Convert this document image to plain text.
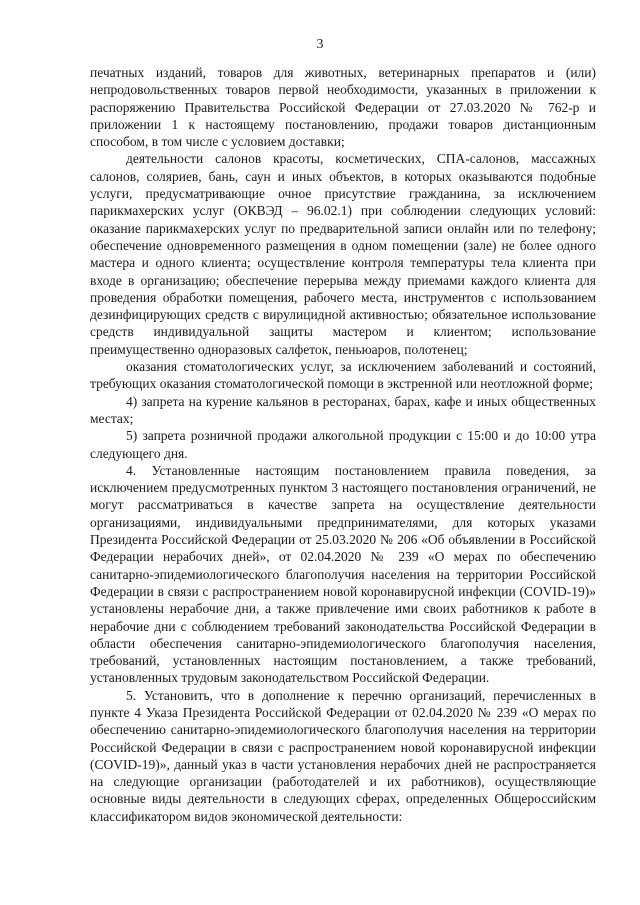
3

печатных изданий, товаров для животных, ветеринарных препаратов и (или) непродовольственных товаров первой необходимости, указанных в приложении к распоряжению Правительства Российской Федерации от 27.03.2020 № 762-р и приложении 1 к настоящему постановлению, продажи товаров дистанционным способом, в том числе с условием доставки;

деятельности салонов красоты, косметических, СПА-салонов, массажных салонов, соляриев, бань, саун и иных объектов, в которых оказываются подобные услуги, предусматривающие очное присутствие гражданина, за исключением парикмахерских услуг (ОКВЭД – 96.02.1) при соблюдении следующих условий: оказание парикмахерских услуг по предварительной записи онлайн или по телефону; обеспечение одновременного размещения в одном помещении (зале) не более одного мастера и одного клиента; осуществление контроля температуры тела клиента при входе в организацию; обеспечение перерыва между приемами каждого клиента для проведения обработки помещения, рабочего места, инструментов с использованием дезинфицирующих средств с вирулицидной активностью; обязательное использование средств индивидуальной защиты мастером и клиентом; использование преимущественно одноразовых салфеток, пеньюаров, полотенец;

оказания стоматологических услуг, за исключением заболеваний и состояний, требующих оказания стоматологической помощи в экстренной или неотложной форме;

4) запрета на курение кальянов в ресторанах, барах, кафе и иных общественных местах;

5) запрета розничной продажи алкогольной продукции с 15:00 и до 10:00 утра следующего дня.

4. Установленные настоящим постановлением правила поведения, за исключением предусмотренных пунктом 3 настоящего постановления ограничений, не могут рассматриваться в качестве запрета на осуществление деятельности организациями, индивидуальными предпринимателями, для которых указами Президента Российской Федерации от 25.03.2020 № 206 «Об объявлении в Российской Федерации нерабочих дней», от 02.04.2020 № 239 «О мерах по обеспечению санитарно-эпидемиологического благополучия населения на территории Российской Федерации в связи с распространением новой коронавирусной инфекции (COVID-19)» установлены нерабочие дни, а также привлечение ими своих работников к работе в нерабочие дни с соблюдением требований законодательства Российской Федерации в области обеспечения санитарно-эпидемиологического благополучия населения, требований, установленных настоящим постановлением, а также требований, установленных трудовым законодательством Российской Федерации.

5. Установить, что в дополнение к перечню организаций, перечисленных в пункте 4 Указа Президента Российской Федерации от 02.04.2020 № 239 «О мерах по обеспечению санитарно-эпидемиологического благополучия населения на территории Российской Федерации в связи с распространением новой коронавирусной инфекции (COVID-19)», данный указ в части установления нерабочих дней не распространяется на следующие организации (работодателей и их работников), осуществляющие основные виды деятельности в следующих сферах, определенных Общероссийским классификатором видов экономической деятельности:
